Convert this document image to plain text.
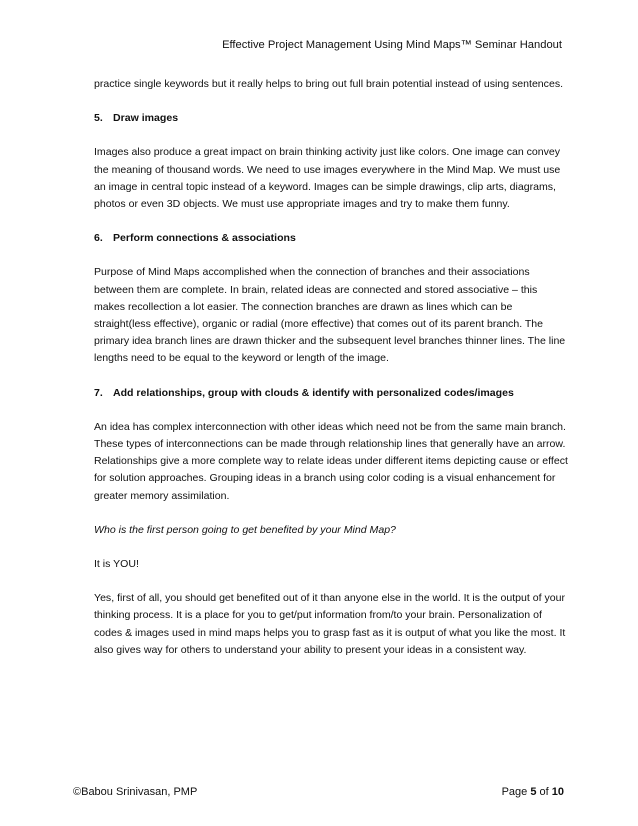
Effective Project Management Using Mind Maps™ Seminar Handout

practice single keywords but it really helps to bring out full brain potential instead of using sentences.

5. Draw images

Images also produce a great impact on brain thinking activity just like colors. One image can convey the meaning of thousand words. We need to use images everywhere in the Mind Map. We must use an image in central topic instead of a keyword. Images can be simple drawings, clip arts, diagrams, photos or even 3D objects. We must use appropriate images and try to make them funny.

6. Perform connections & associations

Purpose of Mind Maps accomplished when the connection of branches and their associations between them are complete. In brain, related ideas are connected and stored associative – this makes recollection a lot easier. The connection branches are drawn as lines which can be straight(less effective), organic or radial (more effective) that comes out of its parent branch. The primary idea branch lines are drawn thicker and the subsequent level branches thinner lines. The line lengths need to be equal to the keyword or length of the image.

7. Add relationships, group with clouds & identify with personalized codes/images

An idea has complex interconnection with other ideas which need not be from the same main branch. These types of interconnections can be made through relationship lines that generally have an arrow. Relationships give a more complete way to relate ideas under different items depicting cause or effect for solution approaches. Grouping ideas in a branch using color coding is a visual enhancement for greater memory assimilation.

Who is the first person going to get benefited by your Mind Map?

It is YOU!

Yes, first of all, you should get benefited out of it than anyone else in the world. It is the output of your thinking process. It is a place for you to get/put information from/to your brain. Personalization of codes & images used in mind maps helps you to grasp fast as it is output of what you like the most. It also gives way for others to understand your ability to present your ideas in a consistent way.

©Babou Srinivasan, PMP	Page 5 of 10
